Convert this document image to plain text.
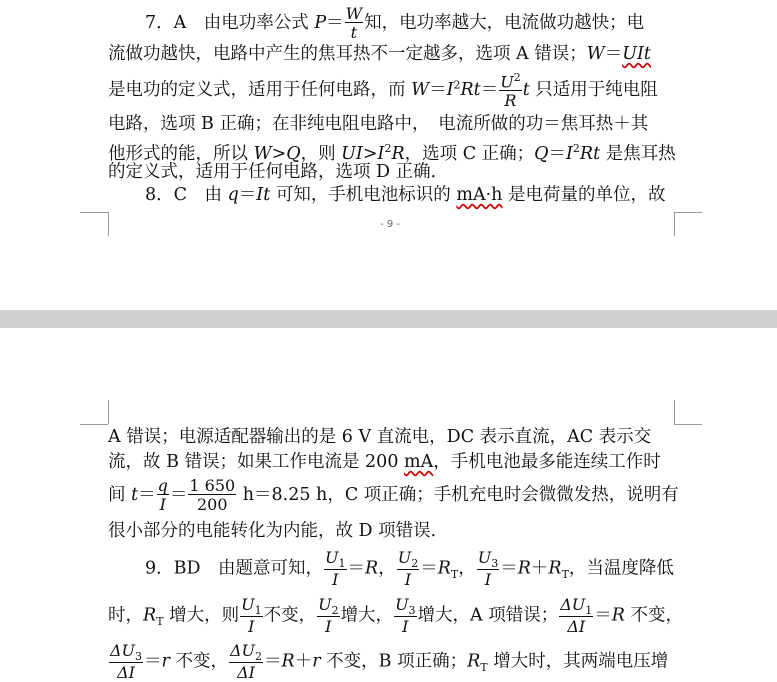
7．A　由电功率公式 $P= \frac{W}{t}$ 知，电功率越大，电流做功越快；电
流做功越快，电路中产生的焦耳热不一定越多，选项 A 错误；W＝UIt
是电功的定义式，适用于任何电路，而 $W=I^2Rt= \frac{U^2}{R}$ t 只适用于纯电阻
电路，选项 B 正确；在非纯电阻电路中，　电流所做的功＝焦耳热＋其
他形式的能，所以 W>Q，则 $UI>I^2R$，选项 C 正确；$Q=I^2Rt$ 是焦耳热
的定义式，适用于任何电路，选项 D 正确．
8．C　由 q＝It 可知，手机电池标识的 mA·h 是电荷量的单位，故
- 9 -
A 错误；电源适配器输出的是 6 V 直流电，DC 表示直流，AC 表示交
流，故 B 错误；如果工作电流是 200 mA，手机电池最多能连续工作时
间 $t= \frac{q}{I} = \frac{1 650}{200} h=8.25$ h，C 项正确；手机充电时会微微发热，说明有
很小部分的电能转化为内能，故 D 项错误．
9．BD　由题意可知， $\frac{U_1}{I} =R$， $\frac{U_2}{I} =R_T$， $\frac{U_3}{I} =R+R_T$，当温度降低
时，$R_T$ 增大，则 $\frac{U_1}{I}$ 不变， $\frac{U_2}{I}$ 增大， $\frac{U_3}{I}$ 增大，A 项错误； $\frac{\Delta U_1}{\Delta I} =R$ 不变，
$\frac{\Delta U_3}{\Delta I} =r$ 不变， $\frac{\Delta U_2}{\Delta I} =R+r$ 不变，B 项正确；$R_T$ 增大时，其两端电压增
